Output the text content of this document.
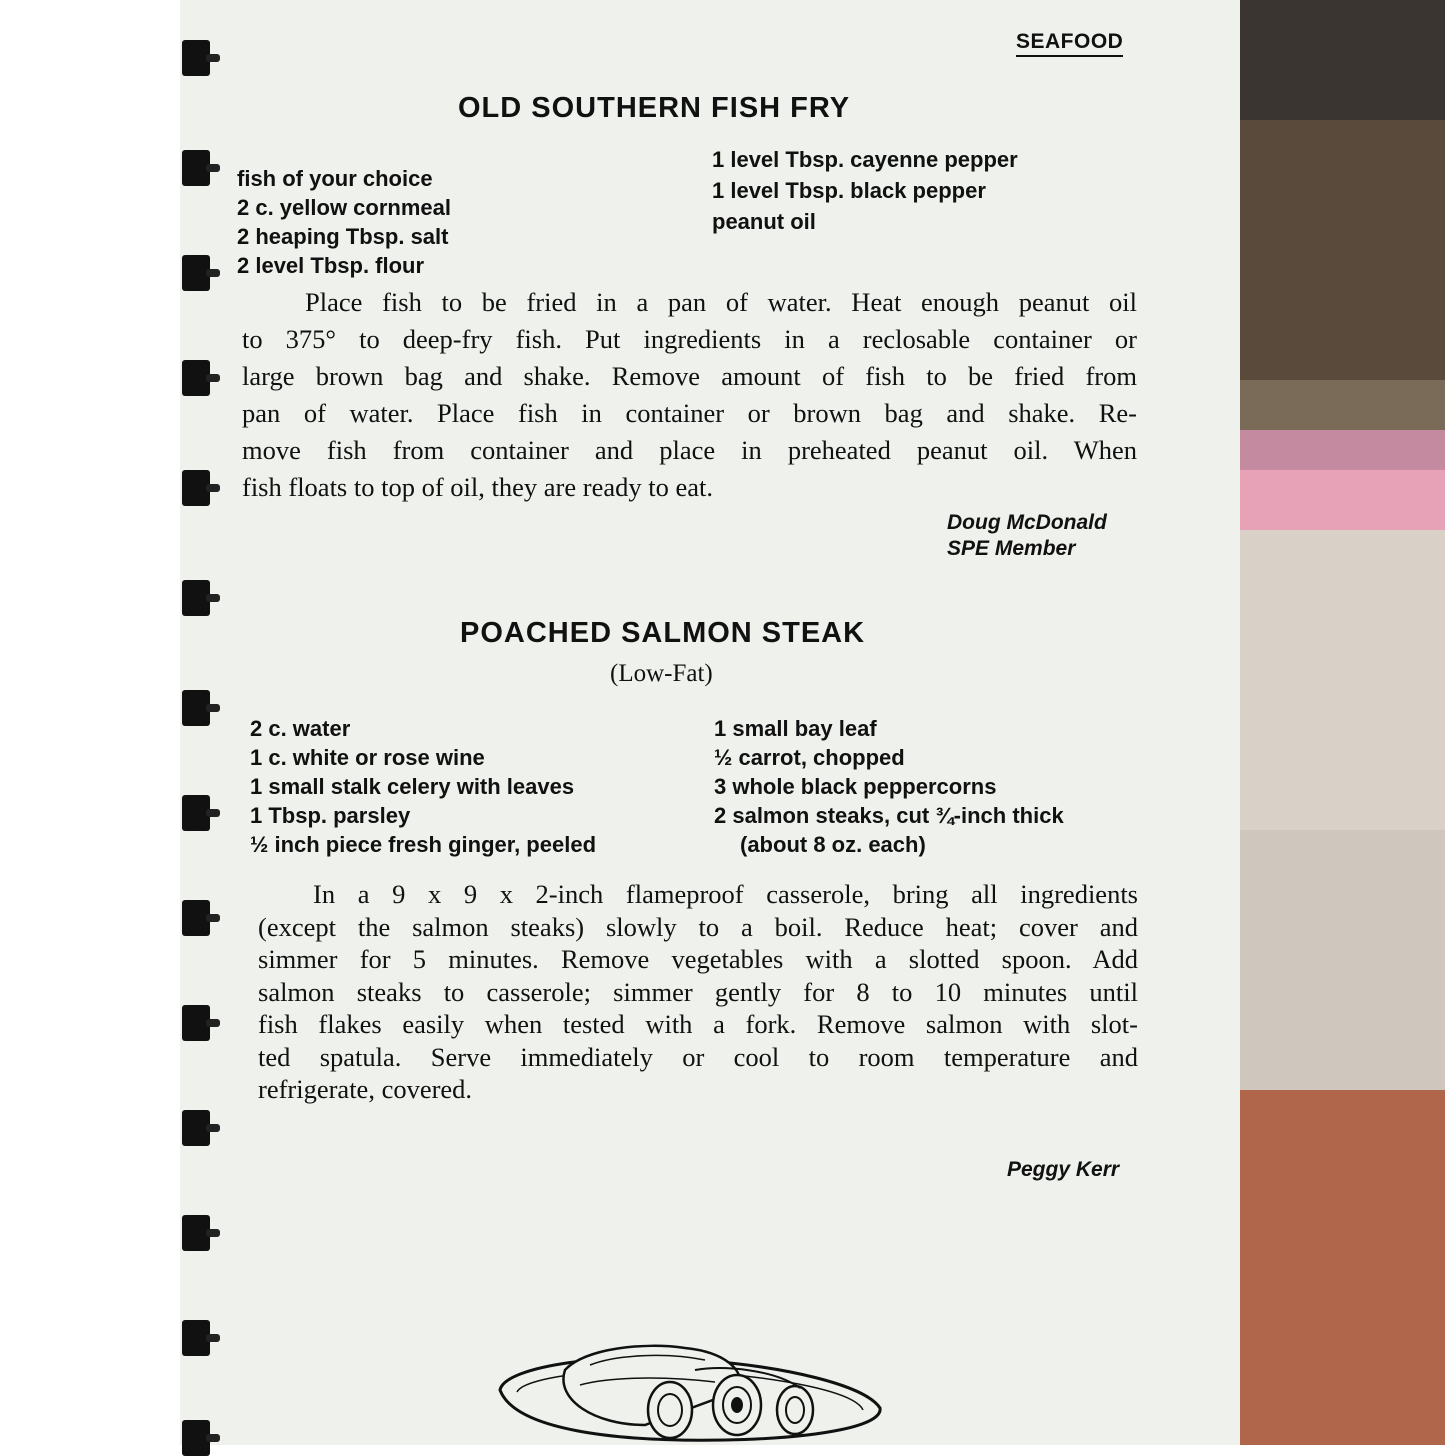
SEAFOOD
OLD SOUTHERN FISH FRY
fish of your choice
2 c. yellow cornmeal
2 heaping Tbsp. salt
2 level Tbsp. flour
1 level Tbsp. cayenne pepper
1 level Tbsp. black pepper
peanut oil
Place fish to be fried in a pan of water. Heat enough peanut oil
to 375° to deep-fry fish. Put ingredients in a reclosable container or
large brown bag and shake. Remove amount of fish to be fried from
pan of water. Place fish in container or brown bag and shake. Re-
move fish from container and place in preheated peanut oil. When
fish floats to top of oil, they are ready to eat.
Doug McDonald
SPE Member
POACHED SALMON STEAK
(Low-Fat)
2 c. water
1 c. white or rose wine
1 small stalk celery with leaves
1 Tbsp. parsley
½ inch piece fresh ginger, peeled
1 small bay leaf
½ carrot, chopped
3 whole black peppercorns
2 salmon steaks, cut ¾-inch thick
(about 8 oz. each)
In a 9 x 9 x 2-inch flameproof casserole, bring all ingredients
(except the salmon steaks) slowly to a boil. Reduce heat; cover and
simmer for 5 minutes. Remove vegetables with a slotted spoon. Add
salmon steaks to casserole; simmer gently for 8 to 10 minutes until
fish flakes easily when tested with a fork. Remove salmon with slot-
ted spatula. Serve immediately or cool to room temperature and
refrigerate, covered.
Peggy Kerr
